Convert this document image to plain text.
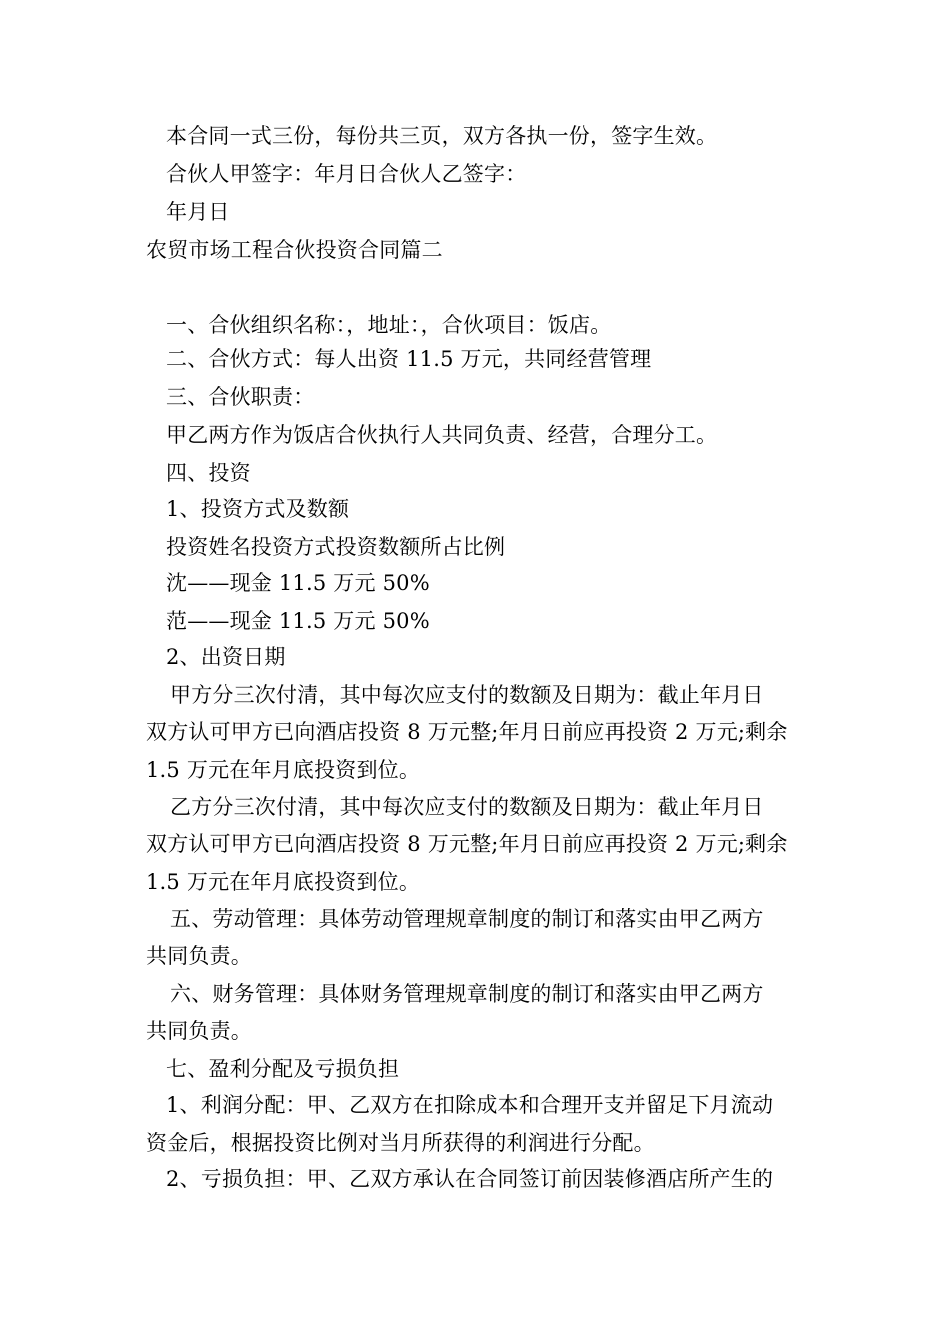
本合同一式三份，每份共三页，双方各执一份，签字生效。
合伙人甲签字：年月日合伙人乙签字：
年月日
农贸市场工程合伙投资合同篇二
一、合伙组织名称：，地址：，合伙项目：饭店。
二、合伙方式：每人出资 11.5 万元，共同经营管理
三、合伙职责：
甲乙两方作为饭店合伙执行人共同负责、经营，合理分工。
四、投资
1、投资方式及数额
投资姓名投资方式投资数额所占比例
沈——现金 11.5 万元 50%
范——现金 11.5 万元 50%
2、出资日期
甲方分三次付清，其中每次应支付的数额及日期为：截止年月日
双方认可甲方已向酒店投资 8 万元整;年月日前应再投资 2 万元;剩余
1.5 万元在年月底投资到位。
乙方分三次付清，其中每次应支付的数额及日期为：截止年月日
双方认可甲方已向酒店投资 8 万元整;年月日前应再投资 2 万元;剩余
1.5 万元在年月底投资到位。
五、劳动管理：具体劳动管理规章制度的制订和落实由甲乙两方
共同负责。
六、财务管理：具体财务管理规章制度的制订和落实由甲乙两方
共同负责。
七、盈利分配及亏损负担
1、利润分配：甲、乙双方在扣除成本和合理开支并留足下月流动
资金后，根据投资比例对当月所获得的利润进行分配。
2、亏损负担：甲、乙双方承认在合同签订前因装修酒店所产生的
